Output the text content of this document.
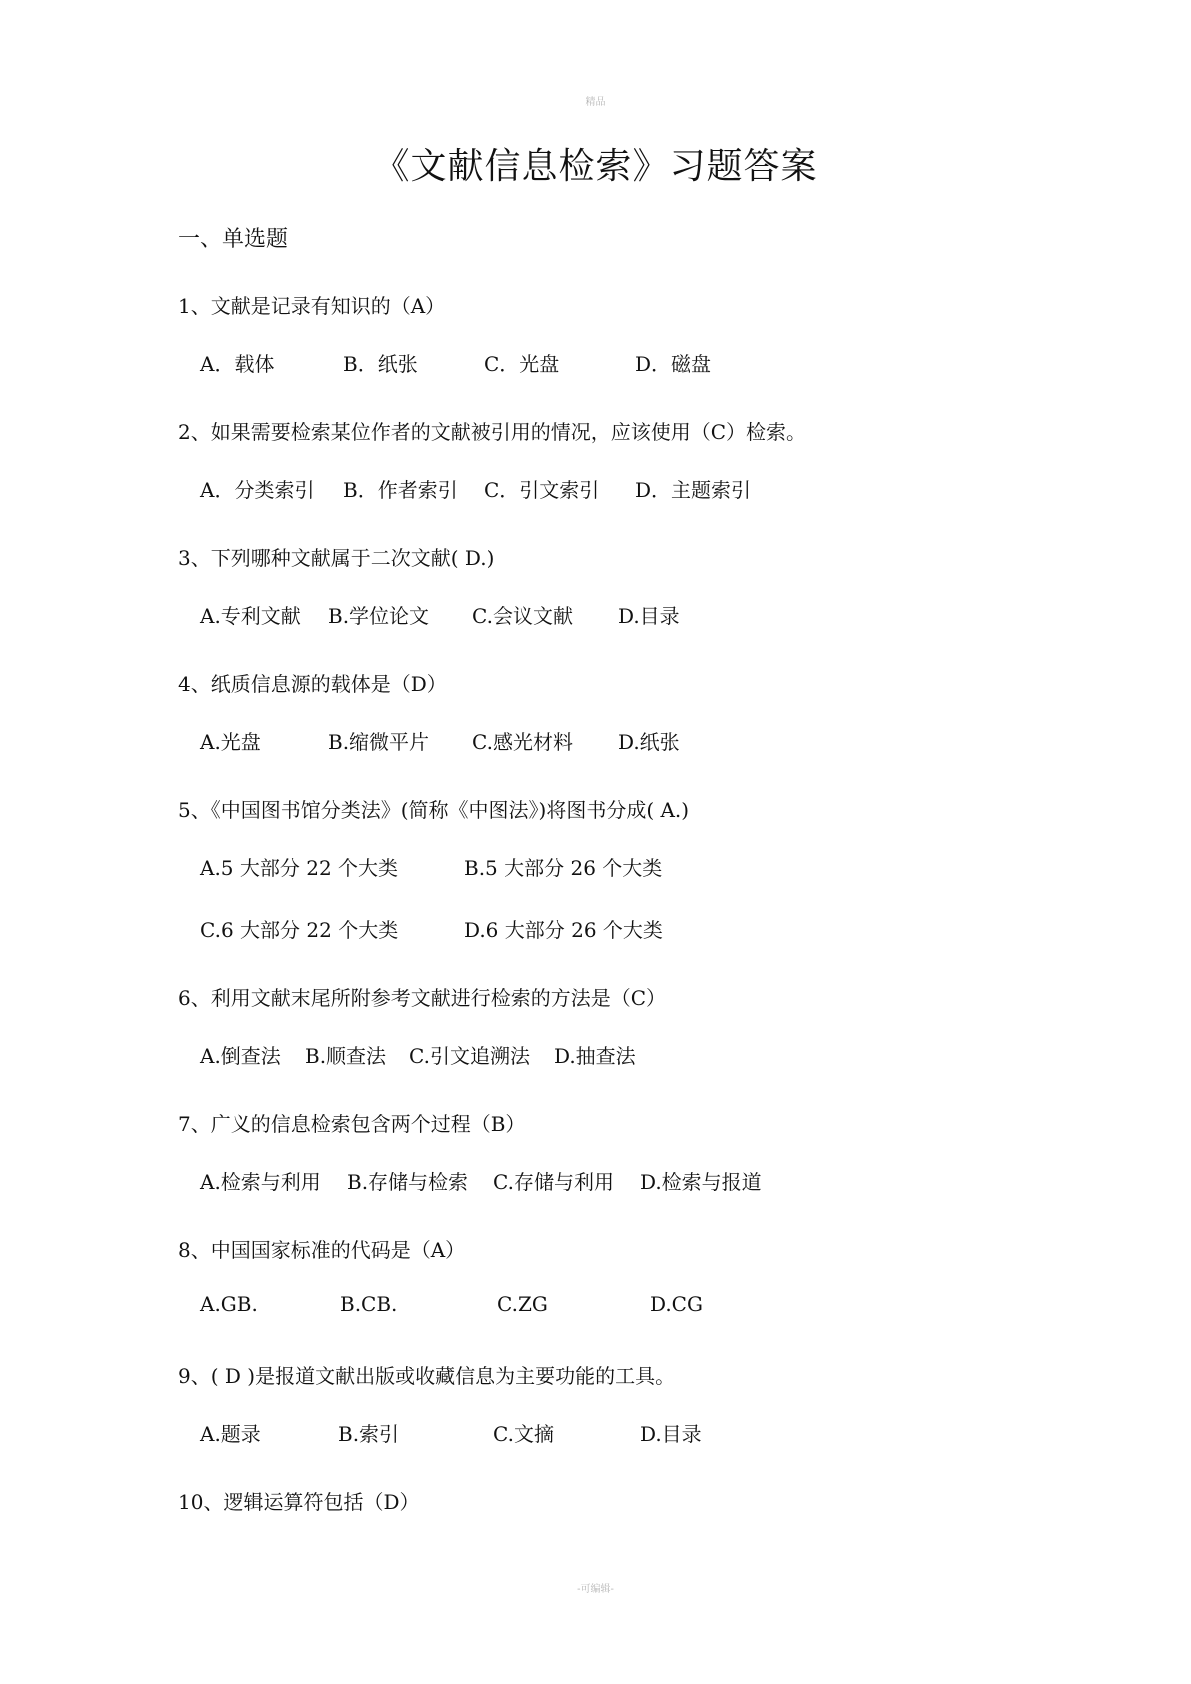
精品
《文献信息检索》习题答案
一、单选题
1、文献是记录有知识的（A）
A．载体	B．纸张	C．光盘	D．磁盘
2、如果需要检索某位作者的文献被引用的情况，应该使用（C）检索。
A．分类索引 B．作者索引 C．引文索引 D．主题索引
3、下列哪种文献属于二次文献( D.)
A.专利文献 B.学位论文 C.会议文献 D.目录
4、纸质信息源的载体是（D）
A.光盘	B.缩微平片 C.感光材料 D.纸张
5、《中国图书馆分类法》(简称《中图法》)将图书分成( A.)
A.5 大部分 22 个大类	B.5 大部分 26 个大类
C.6 大部分 22 个大类	D.6 大部分 26 个大类
6、利用文献末尾所附参考文献进行检索的方法是（C）
A.倒查法 B.顺查法 C.引文追溯法 D.抽查法
7、广义的信息检索包含两个过程（B）
A.检索与利用 B.存储与检索 C.存储与利用 D.检索与报道
8、中国国家标准的代码是（A）
A.GB.	B.CB.	C.ZG	D.CG
9、( D )是报道文献出版或收藏信息为主要功能的工具。
A.题录	B.索引	C.文摘	D.目录
10、逻辑运算符包括（D）
-可编辑-
